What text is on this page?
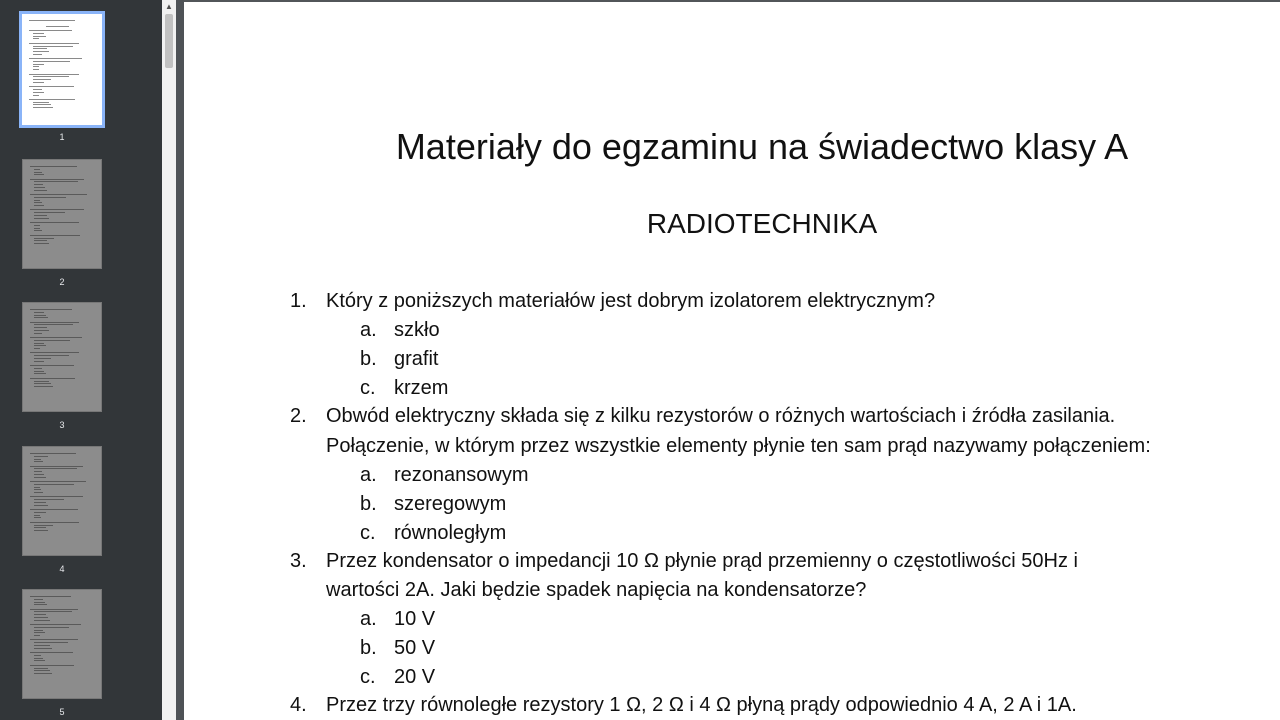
1
2
3
4
5
▲
Materiały do egzaminu na świadectwo klasy A
RADIOTECHNIKA
1. Który z poniższych materiałów jest dobrym izolatorem elektrycznym?
a. szkło
b. grafit
c. krzem
2. Obwód elektryczny składa się z kilku rezystorów o różnych wartościach i źródła zasilania.
Połączenie, w którym przez wszystkie elementy płynie ten sam prąd nazywamy połączeniem:
a. rezonansowym
b. szeregowym
c. równoległym
3. Przez kondensator o impedancji 10 Ω płynie prąd przemienny o częstotliwości 50Hz i
wartości 2A. Jaki będzie spadek napięcia na kondensatorze?
a. 10 V
b. 50 V
c. 20 V
4. Przez trzy równoległe rezystory 1 Ω, 2 Ω i 4 Ω płyną prądy odpowiednio 4 A, 2 A i 1A.
